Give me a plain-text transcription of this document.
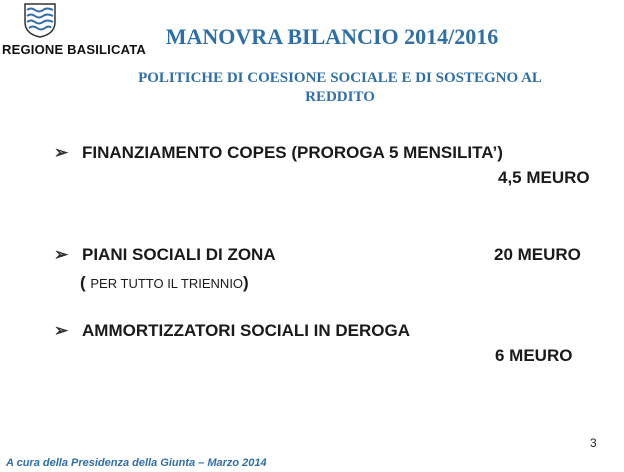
REGIONE BASILICATA
MANOVRA BILANCIO 2014/2016
POLITICHE DI COESIONE SOCIALE E DI SOSTEGNO AL
REDDITO
➢ FINANZIAMENTO COPES (PROROGA 5 MENSILITA’)
4,5 MEURO
➢ PIANI SOCIALI DI ZONA	20 MEURO
( PER TUTTO IL TRIENNIO)
➢ AMMORTIZZATORI SOCIALI IN DEROGA
6 MEURO
3
A cura della Presidenza della Giunta – Marzo 2014
